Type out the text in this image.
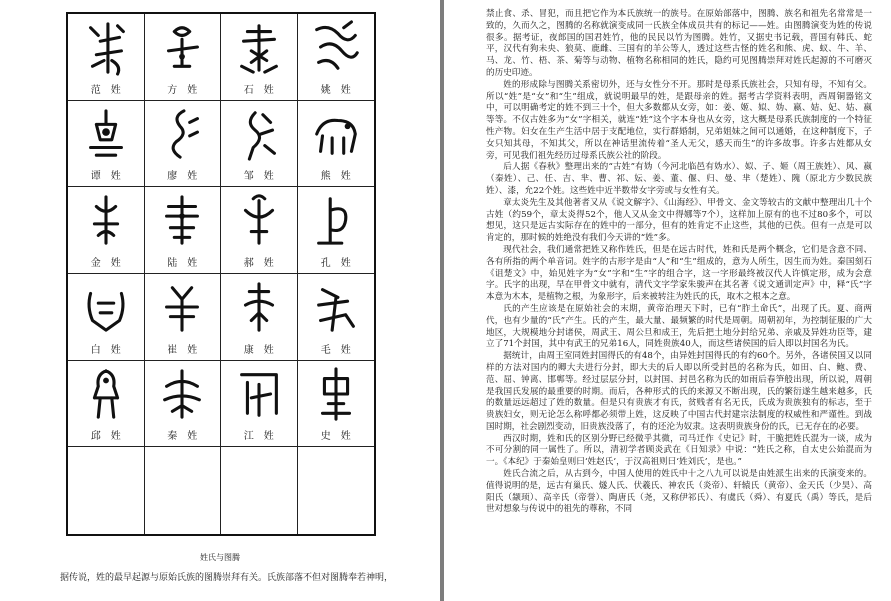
范姓	方姓	石姓	姚姓
谭姓	廖姓	邹姓	熊姓
金姓	陆姓	郝姓	孔姓
白姓	崔姓	康姓	毛姓
邱姓	秦姓	江姓	史姓
姓氏与图腾
据传说，姓的最早起源与原始氏族的图腾崇拜有关。氏族部落不但对图腾奉若神明，

禁止食、杀、冒犯，而且把它作为本氏族统一的族号。在原始部落中，图腾、族名和祖先名常常是一致的，久而久之，图腾的名称就演变成同一氏族全体成员共有的标记——姓。由图腾演变为姓的传说很多。据考证，夜郎国的国君姓竹，他的民民以竹为图腾。姓竹，又据史书记载，晋国有韩氏、蛇平，汉代有狗未央、狼莫、鹿雌、三国有的羊公等人，透过这些古怪的姓名和熊、虎、蚁、牛、羊、马、龙、竹、梧、茶、菊等与动物、植物名称相同的姓氏，隐约可见图腾崇拜对姓氏起源的不可磨灭的历史印迹。

姓的形成除与图腾关系密切外，还与女性分不开。那时是母系氏族社会，只知有母，不知有父。所以“姓”是“女”和“生”组成，就说明最早的姓，是跟母亲的姓。据考古学资料表明，西周铜器铭文中，可以明确考定的姓不到三十个，但大多数都从女旁，如：姜、姬、姒、妫、嬴、姞、妃、姑、嬴等等。不仅古姓多为“女”字相关，就连“姓”这个字本身也从女旁，这大概是母系氏族制度的一个特征性产物。妇女在生产生活中居于支配地位，实行群婚制，兄弟姐妹之间可以通婚，在这种制度下，子女只知其母，不知其父，所以在神话里流传着“圣人无父，感天而生”的许多故事。许多古姓都从女旁，可见我们祖先经历过母系氏族公社的阶段。

后人据《春秋》整理出来的“古姓”有妫（今河北临邑有妫水）、姒、子、姬（周王族姓）、风、嬴（秦姓）、己、任、吉、芈、曹、祁、妘、姜、董、偃、归、曼、芈（楚姓）、隗（原北方少数民族姓）、漆，允22个姓。这些姓中近半数带女字旁或与女性有关。

章太炎先生及其他著者又从《说文解字》、《山海经》、甲骨文、金文等较古的文献中整理出几十个古姓（约59个，章太炎得52个，他人又从金文中得娜等7个），这样加上原有的也不过80多个，可以想见，这只是远古实际存在的姓中的一部分，但有的姓肯定不止这些，其他的已佚。但有一点是可以肯定的，那时候的姓绝没有我们今天讲的“姓”多。

现代社会，我们通常把姓又称作姓氏，但是在远古时代，姓和氏是两个概念，它们是含意不同、各有所指的两个单音词。姓字的古形字是由“人”和“生”组成的，意为人所生，因生而为姓。秦国刻石《诅楚文》中，始见姓字为“女”字和“生”字的组合字，这一字形最终被汉代人许慎定形，成为会意字。氏字的出现，早在甲骨文中就有，清代文字学家朱骏声在其名著《说文通训定声》中，释“氏”字本意为木本，是植物之根，为象形字，后来被转注为姓氏的氏，取木之根本之意。

氏的产生应该是在原始社会的末期，黄帝治理天下时，已有“胙土命氏”，出现了氏。夏、商两代，也有少量的“氏”产生。氏的产生，最大量、最频繁的时代是周朝。周朝初年，为控制征服的广大地区，大规模地分封诸侯，周武王、周公旦和成王，先后把土地分封给兄弟、亲戚及异姓功臣等，建立了71个封国，其中有武王的兄弟16人，同姓贵族40人，而这些诸侯国的后人即以封国名为氏。

据统计，由周王室同姓封国得氏的有48个，由异姓封国得氏的有约60个。另外，各诸侯国又以同样的方法对国内的卿大夫进行分封，即大夫的后人即以所受封邑的名称为氏，如田、白、鲍、费、范、屈、钟离、邯郸等。经过层层分封，以封国、封邑名称为氏的如雨后春笋般出现，所以说，周朝是我国氏发展的最重要的时期。而后，各种形式的氏的来源又不断出现，氏的繁衍遂生越来越多，氏的数量远远超过了姓的数量。但是只有贵族才有氏，贫贱者有名无氏，氏成为贵族独有的标志，至于贵族妇女，则无论怎么称呼都必须带上姓，这反映了中国古代封建宗法制度的权威性和严谨性。到战国时期，社会剧烈变动，旧贵族没落了，有的还沦为奴隶。这表明贵族身份的氏，已无存在的必要。

西汉时期，姓和氏的区别分野已经微乎其微，司马迁作《史记》时，干脆把姓氏混为一谈，成为不可分割的同一属性了。所以，清初学者顾炎武在《日知录》中说：“姓氏之称，自太史公始混而为一。《本纪》于秦始皇则曰‘姓赵氏’，于汉高祖则曰‘姓刘氏’，是也。”

姓氏合流之后，从古到今，中国人使用的姓氏中十之八九可以说是由姓派生出来的氏演变来的。值得说明的是，远古有巢氏、燧人氏、伏羲氏、神农氏（炎帝）、轩辕氏（黄帝）、金天氏（少昊）、高阳氏（颛顼）、高辛氏（帝誉）、陶唐氏（尧，又称伊祁氏）、有虞氏（舜）、有夏氏（禹）等氏，是后世对想象与传说中的祖先的尊称，不同
